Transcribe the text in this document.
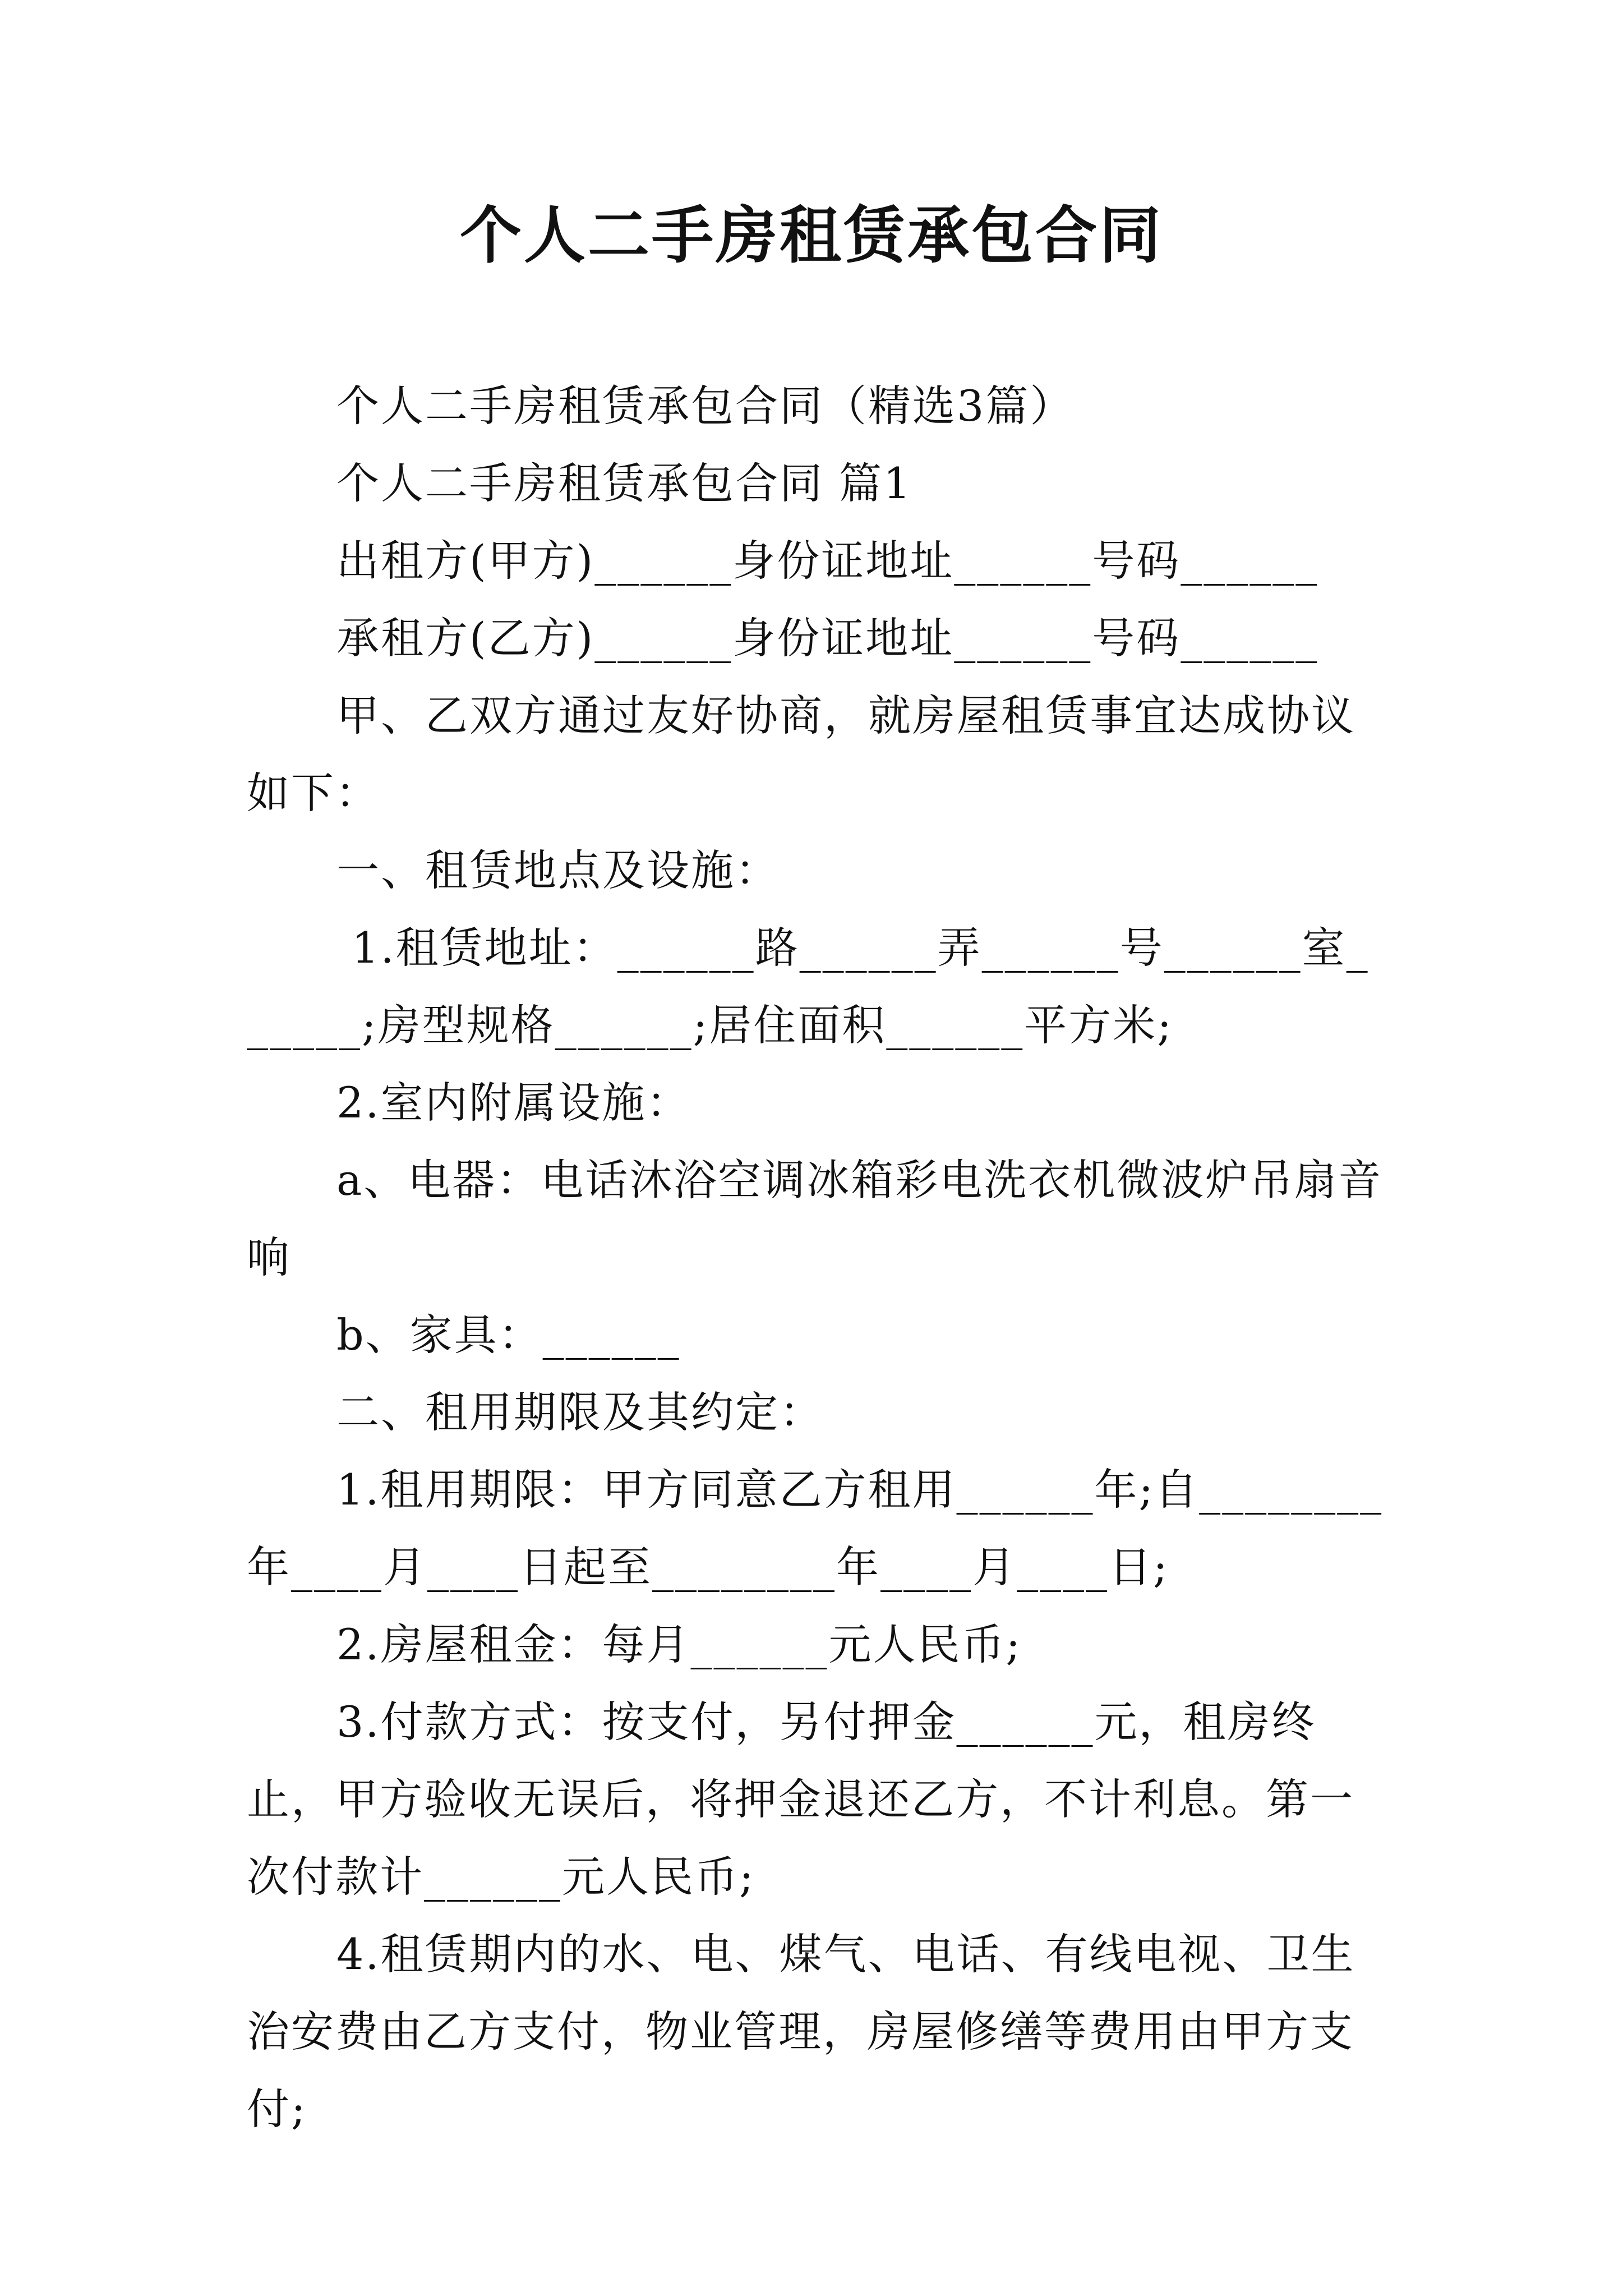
个人二手房租赁承包合同

个人二手房租赁承包合同（精选3篇）

个人二手房租赁承包合同 篇1

出租方(甲方)______身份证地址______号码______

承租方(乙方)______身份证地址______号码______

甲、乙双方通过友好协商，就房屋租赁事宜达成协议如下：

一、租赁地点及设施：

1.租赁地址：______路______弄______号______室______;房型规格______;居住面积______平方米;

2.室内附属设施：

a、电器：电话沐浴空调冰箱彩电洗衣机微波炉吊扇音响

b、家具：______

二、租用期限及其约定：

1.租用期限：甲方同意乙方租用______年;自________年____月____日起至________年____月____日;

2.房屋租金：每月______元人民币;

3.付款方式：按支付，另付押金______元，租房终止，甲方验收无误后，将押金退还乙方，不计利息。第一次付款计______元人民币;

4.租赁期内的水、电、煤气、电话、有线电视、卫生治安费由乙方支付，物业管理，房屋修缮等费用由甲方支付;
